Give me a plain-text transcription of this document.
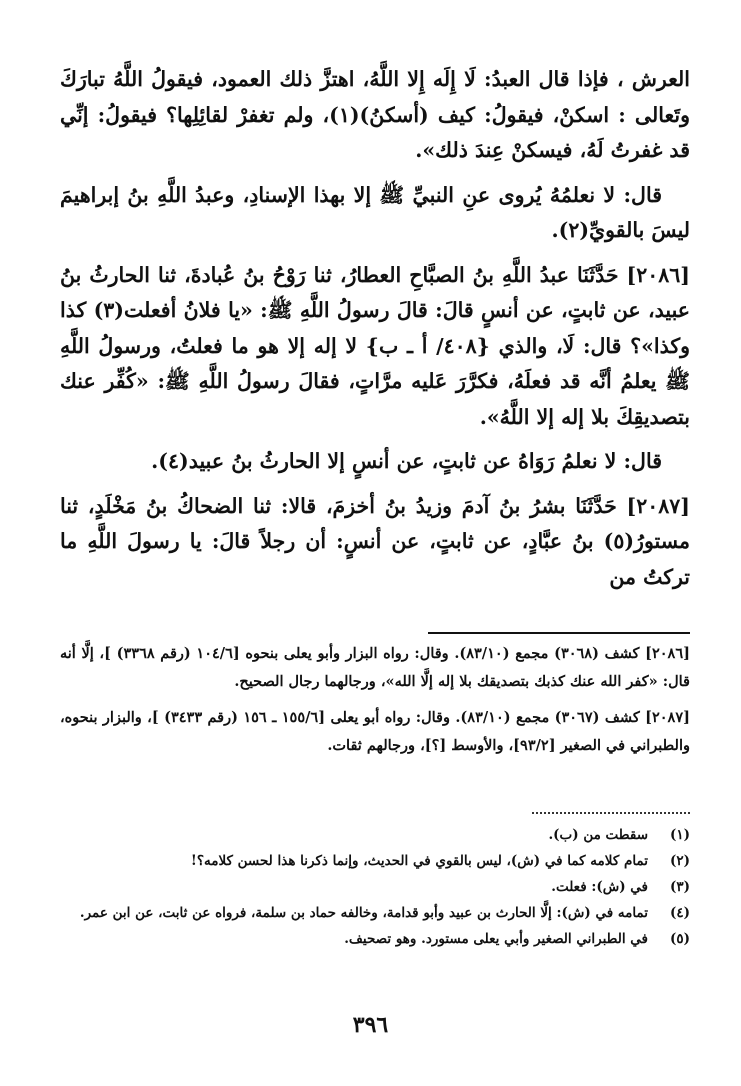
العرش ، فإذا قال العبدُ: لَا إِلَه إِلا اللَّهُ، اهتزَّ ذلك العمود، فيقولُ اللَّهُ تبارَكَ وتَعالى : اسكنْ، فيقولُ: كيف (أسكنُ)(١)، ولم تغفرْ لقائِلِها؟ فيقولُ: إنِّي قد غفرتُ لَهُ، فيسكنْ عِندَ ذلك».

قال: لا نعلمُهُ يُروى عنِ النبيِّ ﷺ إلا بهذا الإسنادِ، وعبدُ اللَّهِ بنُ إبراهيمَ ليسَ بالقويِّ(٢).

[٢٠٨٦] حَدَّثَنَا عبدُ اللَّهِ بنُ الصبَّاحِ العطارُ، ثنا رَوْحُ بنُ عُبادةَ، ثنا الحارثُ بنُ عبيد، عن ثابتٍ، عن أنسٍ قالَ: قالَ رسولُ اللَّهِ ﷺ: «يا فلانُ أفعلت(٣) كذا وكذا»؟ قال: لَا، والذي {٤٠٨/ أ ـ ب} لا إله إلا هو ما فعلتُ، ورسولُ اللَّهِ ﷺ يعلمُ أنَّه قد فعلَهُ، فكرَّرَ عَليه مرَّاتٍ، فقالَ رسولُ اللَّهِ ﷺ: «كُفِّر عنك بتصديقِكَ بلا إله إلا اللَّهُ».

قال: لا نعلمُ رَوَاهُ عن ثابتٍ، عن أنسٍ إلا الحارثُ بنُ عبيد(٤).

[٢٠٨٧] حَدَّثَنَا بشرُ بنُ آدمَ وزيدُ بنُ أخزمَ، قالا: ثنا الضحاكُ بنُ مَخْلَدٍ، ثنا مستورُ(٥) بنُ عبَّادٍ، عن ثابتٍ، عن أنسٍ: أن رجلاً قالَ: يا رسولَ اللَّهِ ما تركتُ من

[٢٠٨٦] كشف (٣٠٦٨) مجمع (٨٣/١٠). وقال: رواه البزار وأبو يعلى بنحوه [١٠٤/٦ (رقم ٣٣٦٨) ]، إلَّا أنه قال: «كفر الله عنك كذبك بتصديقك بلا إله إلَّا الله»، ورجالهما رجال الصحيح.

[٢٠٨٧] كشف (٣٠٦٧) مجمع (٨٣/١٠). وقال: رواه أبو يعلى [١٥٥/٦ ـ ١٥٦ (رقم ٣٤٣٣) ]، والبزار بنحوه، والطبراني في الصغير [٩٣/٢]، والأوسط [؟]، ورجالهم ثقات.

(١)
سقطت من (ب).
(٢)
تمام كلامه كما في (ش)، ليس بالقوي في الحديث، وإنما ذكرنا هذا لحسن كلامه؟!
(٣)
في (ش): فعلت.
(٤)
تمامه في (ش): إلَّا الحارث بن عبيد وأبو قدامة، وخالفه حماد بن سلمة، فرواه عن ثابت، عن ابن عمر.
(٥)
في الطبراني الصغير وأبي يعلى مستورد. وهو تصحيف.
٣٩٦
